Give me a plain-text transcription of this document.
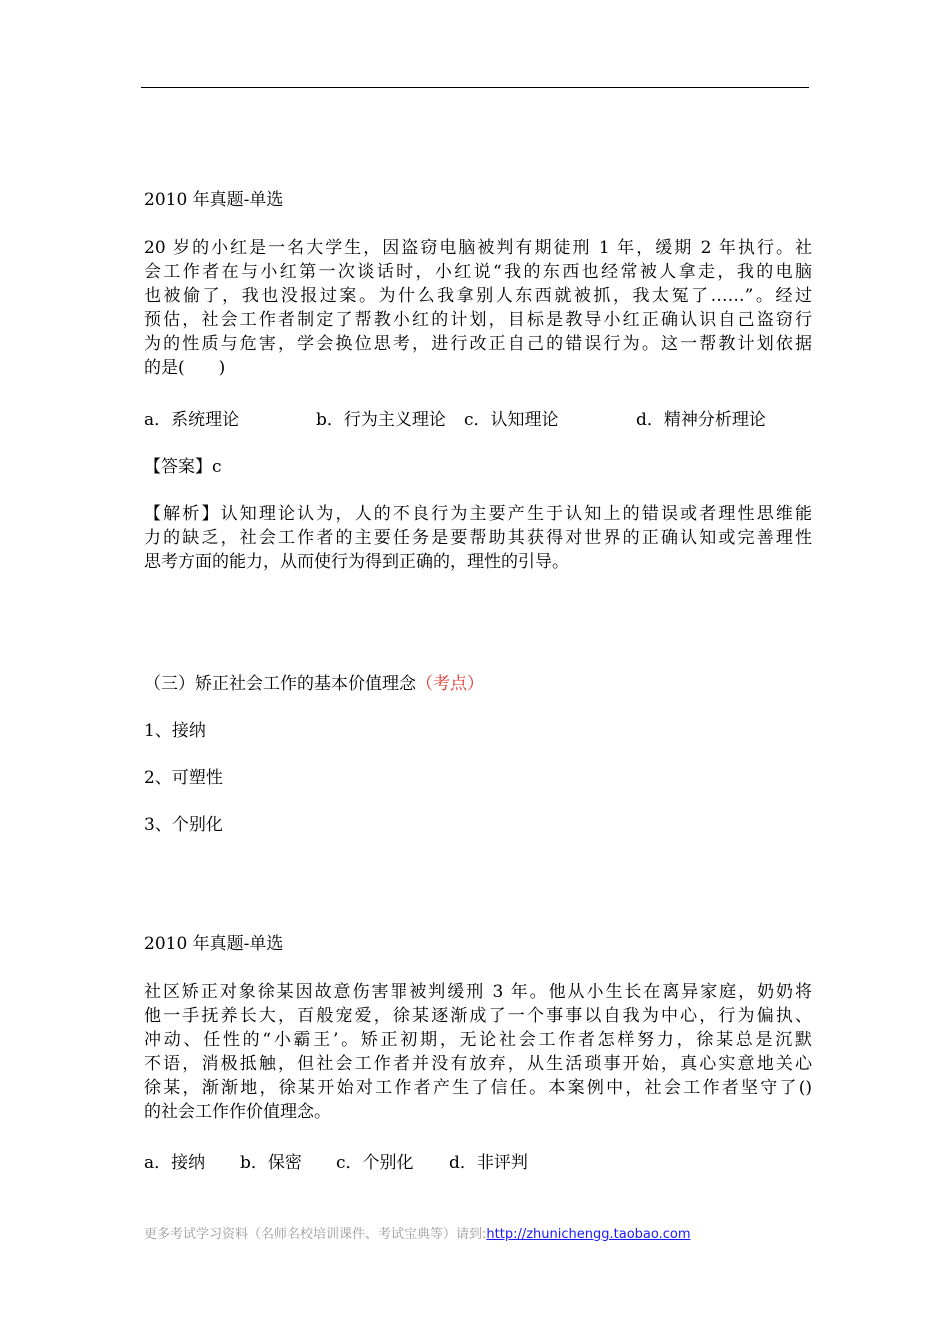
2010 年真题-单选
20 岁的小红是一名大学生，因盗窃电脑被判有期徒刑 1 年，缓期 2 年执行。社
会工作者在与小红第一次谈话时，小红说“我的东西也经常被人拿走，我的电脑
也被偷了，我也没报过案。为什么我拿别人东西就被抓，我太冤了……”。经过
预估，社会工作者制定了帮教小红的计划，目标是教导小红正确认识自己盗窃行
为的性质与危害，学会换位思考，进行改正自己的错误行为。这一帮教计划依据
的是(　　)
a．系统理论	b．行为主义理论 c．认知理论	d．精神分析理论
【答案】c
【解析】认知理论认为，人的不良行为主要产生于认知上的错误或者理性思维能
力的缺乏，社会工作者的主要任务是要帮助其获得对世界的正确认知或完善理性
思考方面的能力，从而使行为得到正确的，理性的引导。
（三）矫正社会工作的基本价值理念（考点）
1、接纳
2、可塑性
3、个别化
2010 年真题-单选
社区矫正对象徐某因故意伤害罪被判缓刑 3 年。他从小生长在离异家庭，奶奶将
他一手抚养长大，百般宠爱，徐某逐渐成了一个事事以自我为中心，行为偏执、
冲动、任性的“小霸王’。矫正初期，无论社会工作者怎样努力，徐某总是沉默
不语，消极抵触，但社会工作者并没有放弃，从生活琐事开始，真心实意地关心
徐某，渐渐地，徐某开始对工作者产生了信任。本案例中，社会工作者坚守了()
的社会工作作价值理念。
a．接纳 b．保密 c．个别化 d．非评判
更多考试学习资料（名师名校培训课件、考试宝典等）请到:http://zhunichengg.taobao.com
